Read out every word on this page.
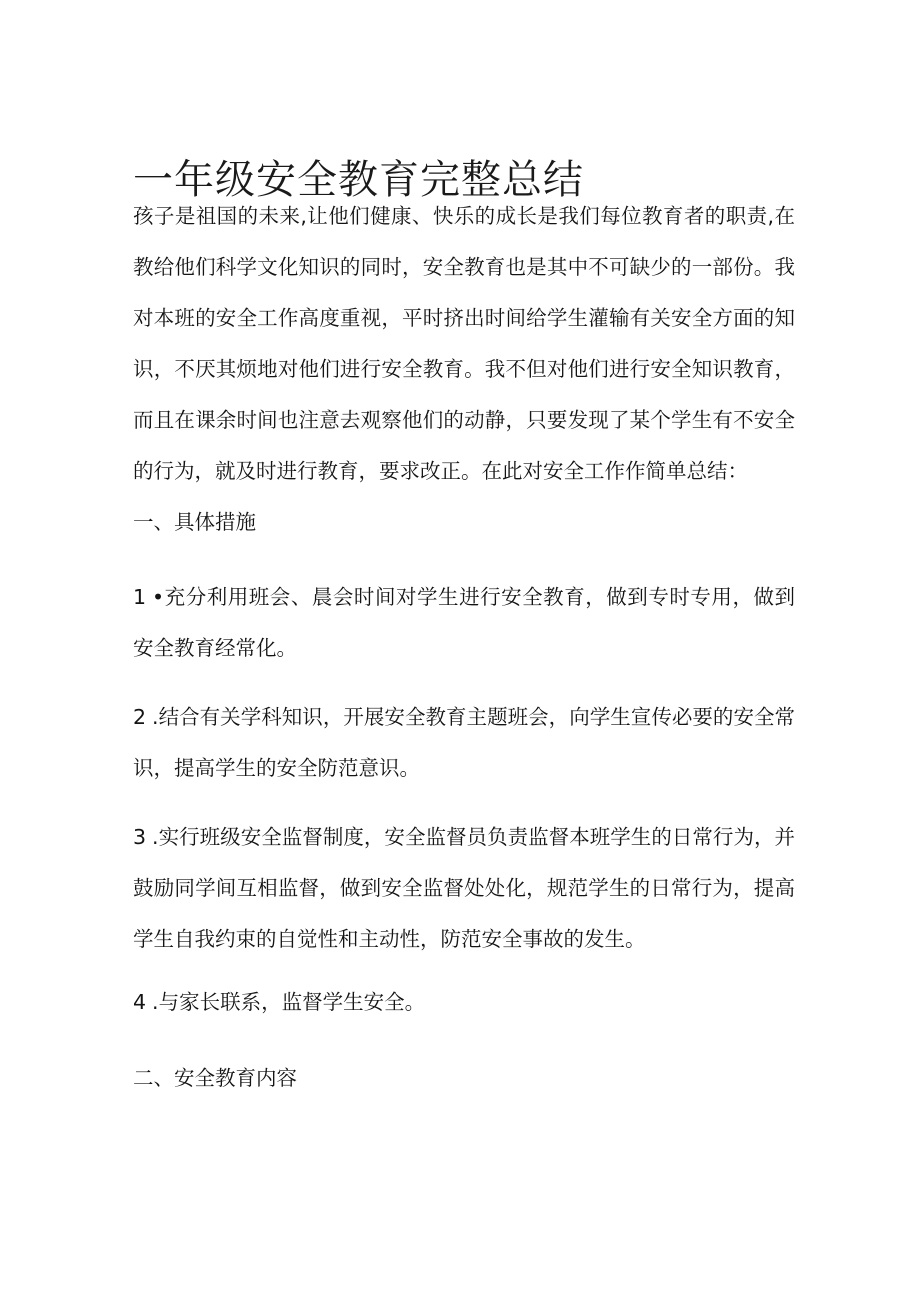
一年级安全教育完整总结

孩子是祖国的未来,让他们健康、快乐的成长是我们每位教育者的职责,在教给他们科学文化知识的同时，安全教育也是其中不可缺少的一部份。我对本班的安全工作高度重视，平时挤出时间给学生灌输有关安全方面的知识，不厌其烦地对他们进行安全教育。我不但对他们进行安全知识教育，而且在课余时间也注意去观察他们的动静，只要发现了某个学生有不安全的行为，就及时进行教育，要求改正。在此对安全工作作简单总结：

一、具体措施

1 •充分利用班会、晨会时间对学生进行安全教育，做到专时专用，做到安全教育经常化。

2 .结合有关学科知识，开展安全教育主题班会，向学生宣传必要的安全常识，提高学生的安全防范意识。

3 .实行班级安全监督制度，安全监督员负责监督本班学生的日常行为，并鼓励同学间互相监督，做到安全监督处处化，规范学生的日常行为，提高学生自我约束的自觉性和主动性，防范安全事故的发生。

4 .与家长联系，监督学生安全。

二、安全教育内容
